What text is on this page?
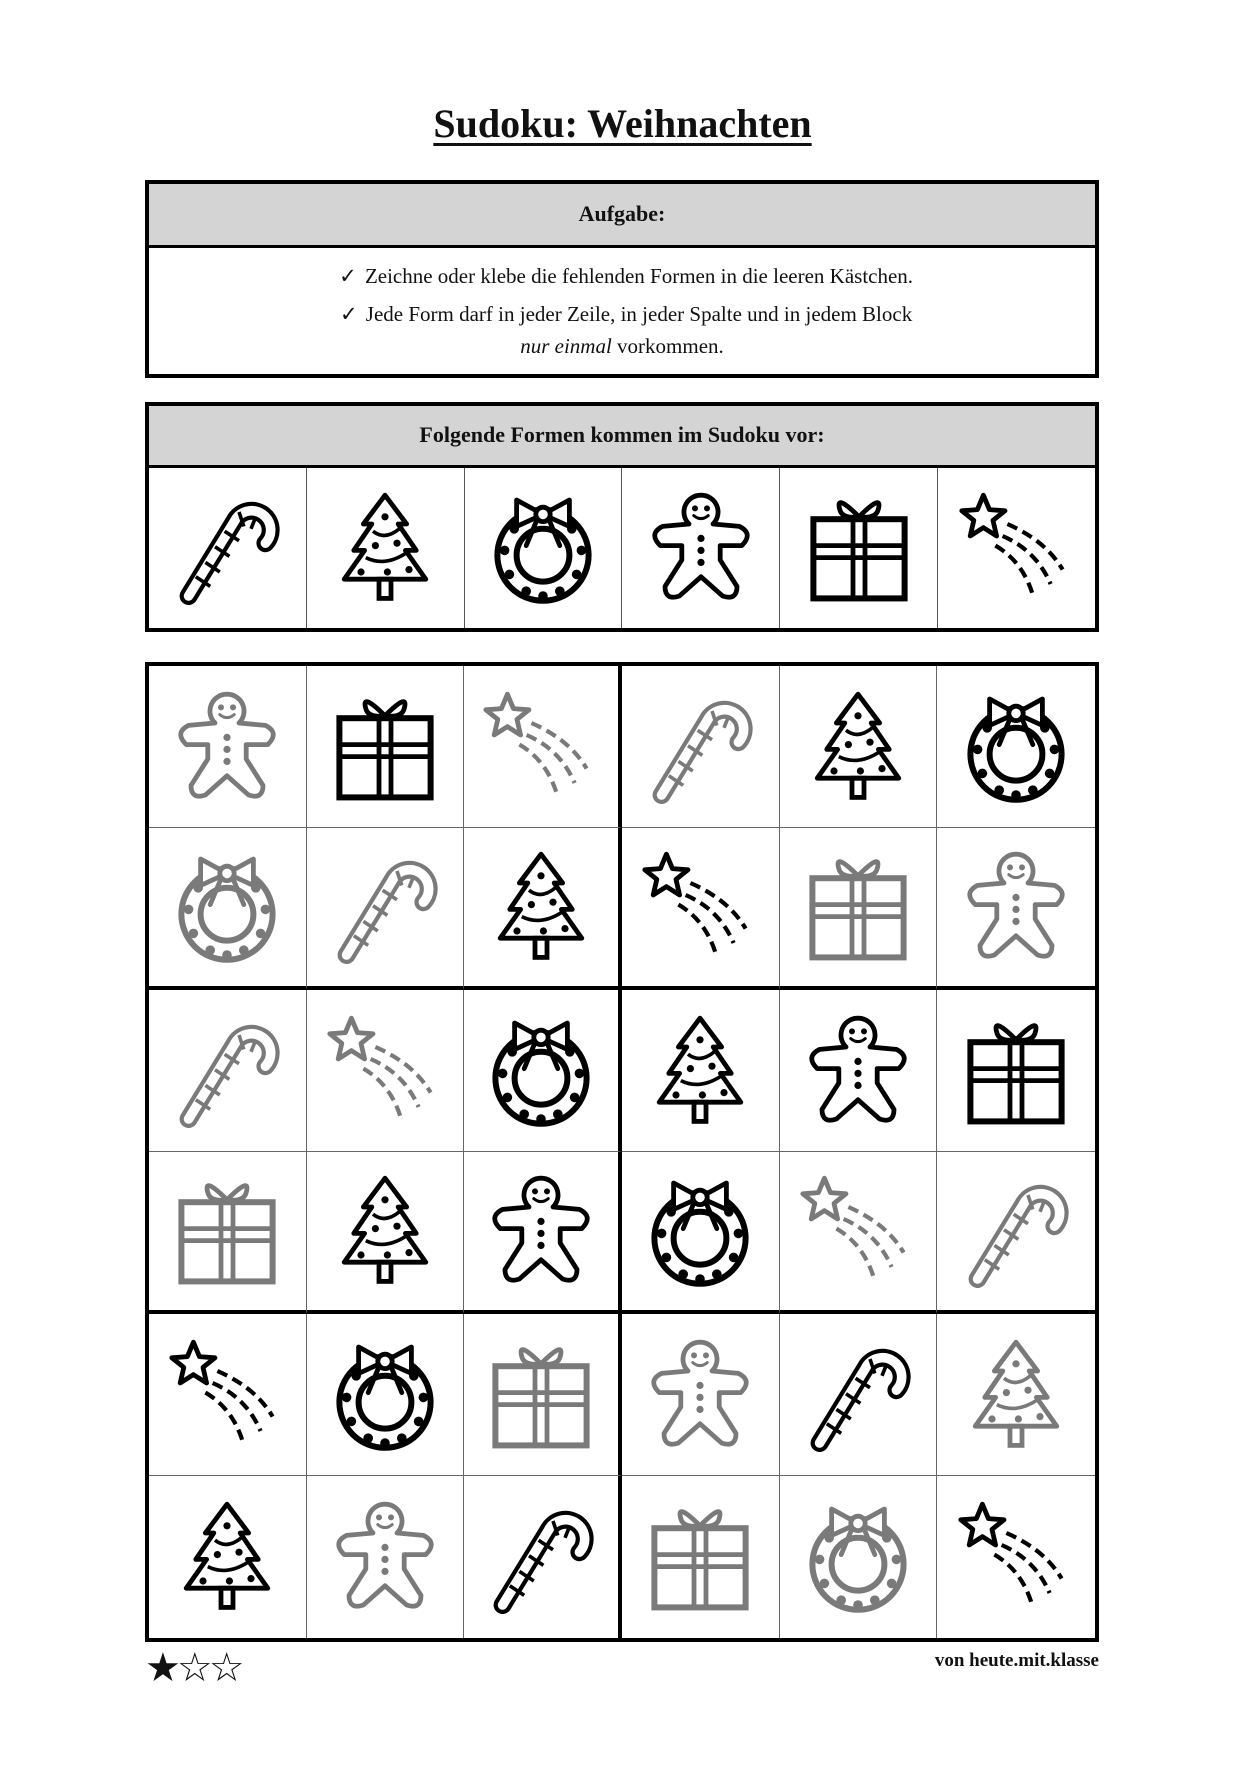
Sudoku: Weihnachten
Aufgabe:
✓ Zeichne oder klebe die fehlenden Formen in die leeren Kästchen.
✓ Jede Form darf in jeder Zeile, in jeder Spalte und in jedem Block
nur einmal vorkommen.
Folgende Formen kommen im Sudoku vor:
★☆☆	von heute.mit.klasse
